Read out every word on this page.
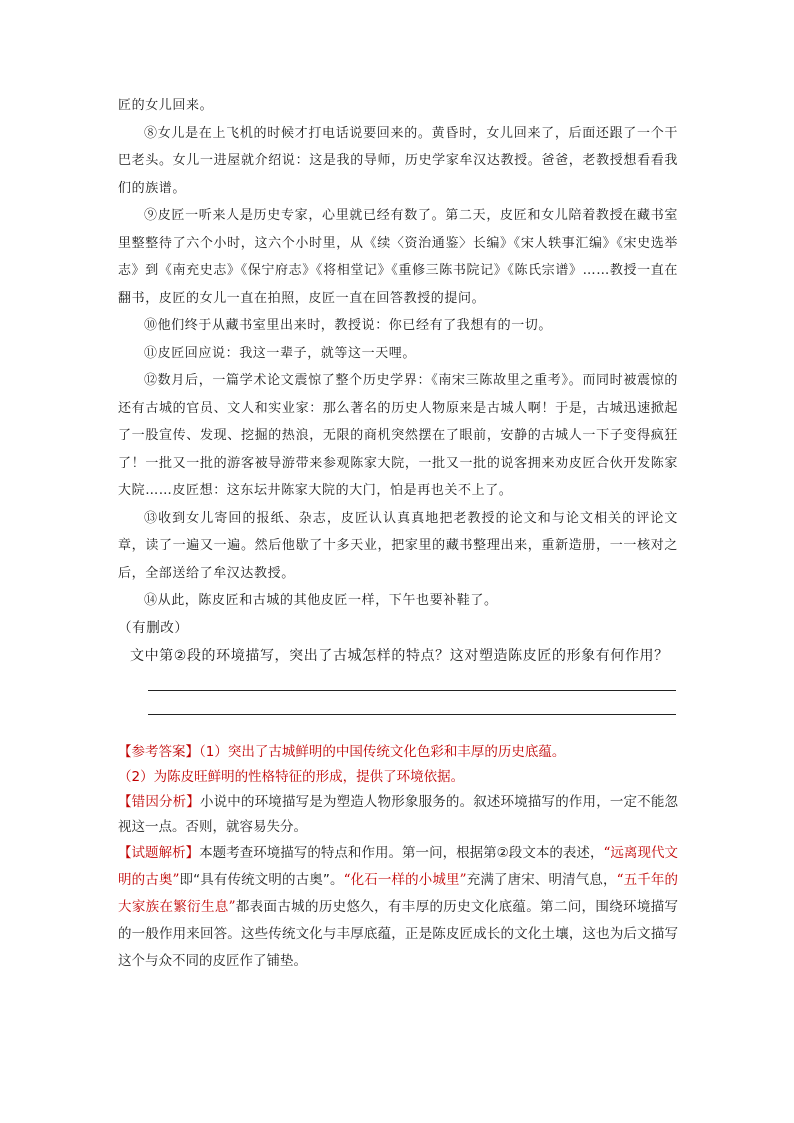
匠的女儿回来。

⑧女儿是在上飞机的时候才打电话说要回来的。黄昏时，女儿回来了，后面还跟了一个干巴老头。女儿一进屋就介绍说：这是我的导师，历史学家牟汉达教授。爸爸，老教授想看看我们的族谱。

⑨皮匠一听来人是历史专家，心里就已经有数了。第二天，皮匠和女儿陪着教授在藏书室里整整待了六个小时，这六个小时里，从《续〈资治通鉴〉长编》《宋人轶事汇编》《宋史选举志》到《南充史志》《保宁府志》《将相堂记》《重修三陈书院记》《陈氏宗谱》……教授一直在翻书，皮匠的女儿一直在拍照，皮匠一直在回答教授的提问。

⑩他们终于从藏书室里出来时，教授说：你已经有了我想有的一切。

⑪皮匠回应说：我这一辈子，就等这一天哩。

⑫数月后，一篇学术论文震惊了整个历史学界：《南宋三陈故里之重考》。而同时被震惊的还有古城的官员、文人和实业家：那么著名的历史人物原来是古城人啊！于是，古城迅速掀起了一股宣传、发现、挖掘的热浪，无限的商机突然摆在了眼前，安静的古城人一下子变得疯狂了！一批又一批的游客被导游带来参观陈家大院，一批又一批的说客拥来劝皮匠合伙开发陈家大院……皮匠想：这东坛井陈家大院的大门，怕是再也关不上了。

⑬收到女儿寄回的报纸、杂志，皮匠认认真真地把老教授的论文和与论文相关的评论文章，读了一遍又一遍。然后他歇了十多天业，把家里的藏书整理出来，重新造册，一一核对之后，全部送给了牟汉达教授。

⑭从此，陈皮匠和古城的其他皮匠一样，下午也要补鞋了。

（有删改）

文中第②段的环境描写，突出了古城怎样的特点？这对塑造陈皮匠的形象有何作用？

【参考答案】（1）突出了古城鲜明的中国传统文化色彩和丰厚的历史底蕴。

（2）为陈皮旺鲜明的性格特征的形成，提供了环境依据。

【错因分析】小说中的环境描写是为塑造人物形象服务的。叙述环境描写的作用，一定不能忽视这一点。否则，就容易失分。

【试题解析】本题考查环境描写的特点和作用。第一问，根据第②段文本的表述，“远离现代文明的古奥”即“具有传统文明的古奥”。“化石一样的小城里”充满了唐宋、明清气息，“五千年的大家族在繁衍生息”都表面古城的历史悠久，有丰厚的历史文化底蕴。第二问，围绕环境描写的一般作用来回答。这些传统文化与丰厚底蕴，正是陈皮匠成长的文化土壤，这也为后文描写这个与众不同的皮匠作了铺垫。
